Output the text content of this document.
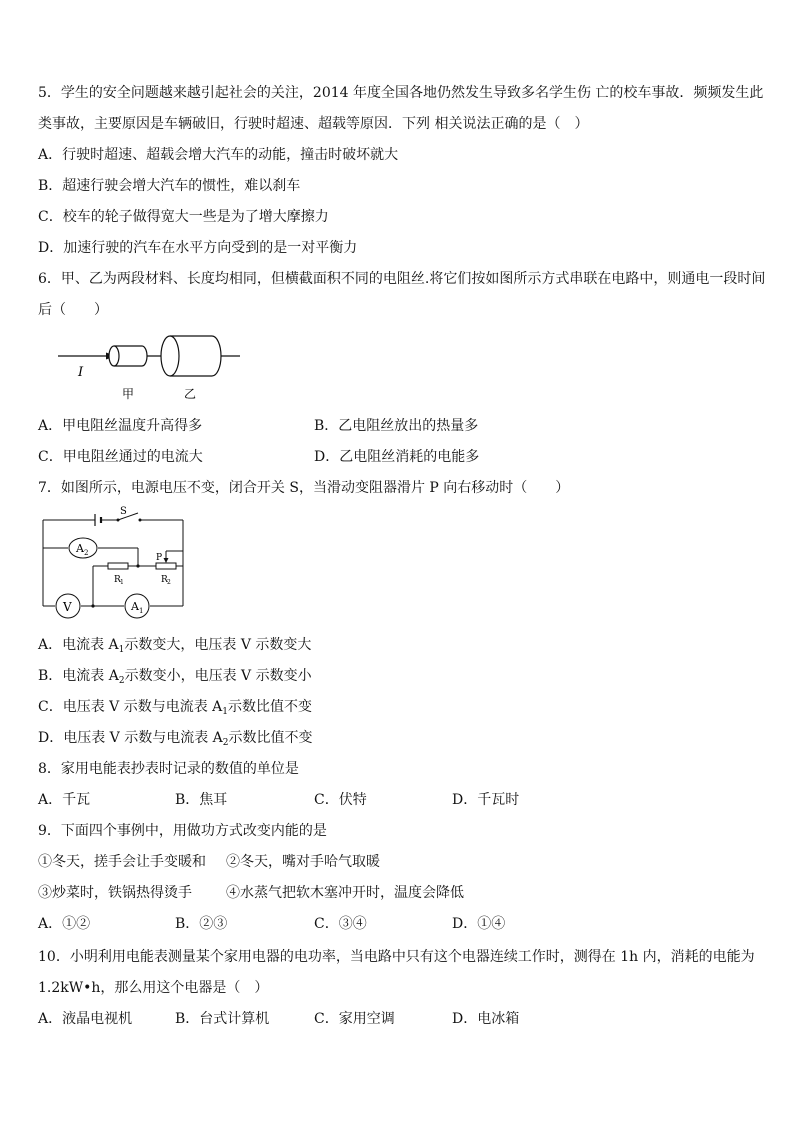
5．学生的安全问题越来越引起社会的关注，2014 年度全国各地仍然发生导致多名学生伤 亡的校车事故．频频发生此
类事故，主要原因是车辆破旧，行驶时超速、超载等原因．下列 相关说法正确的是（　）
A．行驶时超速、超载会增大汽车的动能，撞击时破坏就大
B．超速行驶会增大汽车的惯性，难以刹车
C．校车的轮子做得宽大一些是为了增大摩擦力
D．加速行驶的汽车在水平方向受到的是一对平衡力
6．甲、乙为两段材料、长度均相同，但横截面积不同的电阻丝.将它们按如图所示方式串联在电路中，则通电一段时间
后（　　）
I
甲	乙
A．甲电阻丝温度升高得多	B．乙电阻丝放出的热量多
C．甲电阻丝通过的电流大	D．乙电阻丝消耗的电能多
7．如图所示，电源电压不变，闭合开关 S，当滑动变阻器滑片 P 向右移动时（　　）
S
A 2
R 1
P
R 2
V	A 1
A．电流表 $A_1$示数变大，电压表 V 示数变大
B．电流表 $A_2$示数变小，电压表 V 示数变小
C．电压表 V 示数与电流表 $A_1$示数比值不变
D．电压表 V 示数与电流表 $A_2$示数比值不变
8．家用电能表抄表时记录的数值的单位是
A．千瓦	B．焦耳	C．伏特	D．千瓦时
9．下面四个事例中，用做功方式改变内能的是
①冬天，搓手会让手变暖和 ②冬天，嘴对手哈气取暖
③炒菜时，铁锅热得烫手 ④水蒸气把软木塞冲开时，温度会降低
A．①②	B．②③	C．③④	D．①④
10．小明利用电能表测量某个家用电器的电功率，当电路中只有这个电器连续工作时，测得在 1h 内，消耗的电能为
1.2kW•h，那么用这个电器是（　）
A．液晶电视机	B．台式计算机	C．家用空调	D．电冰箱
